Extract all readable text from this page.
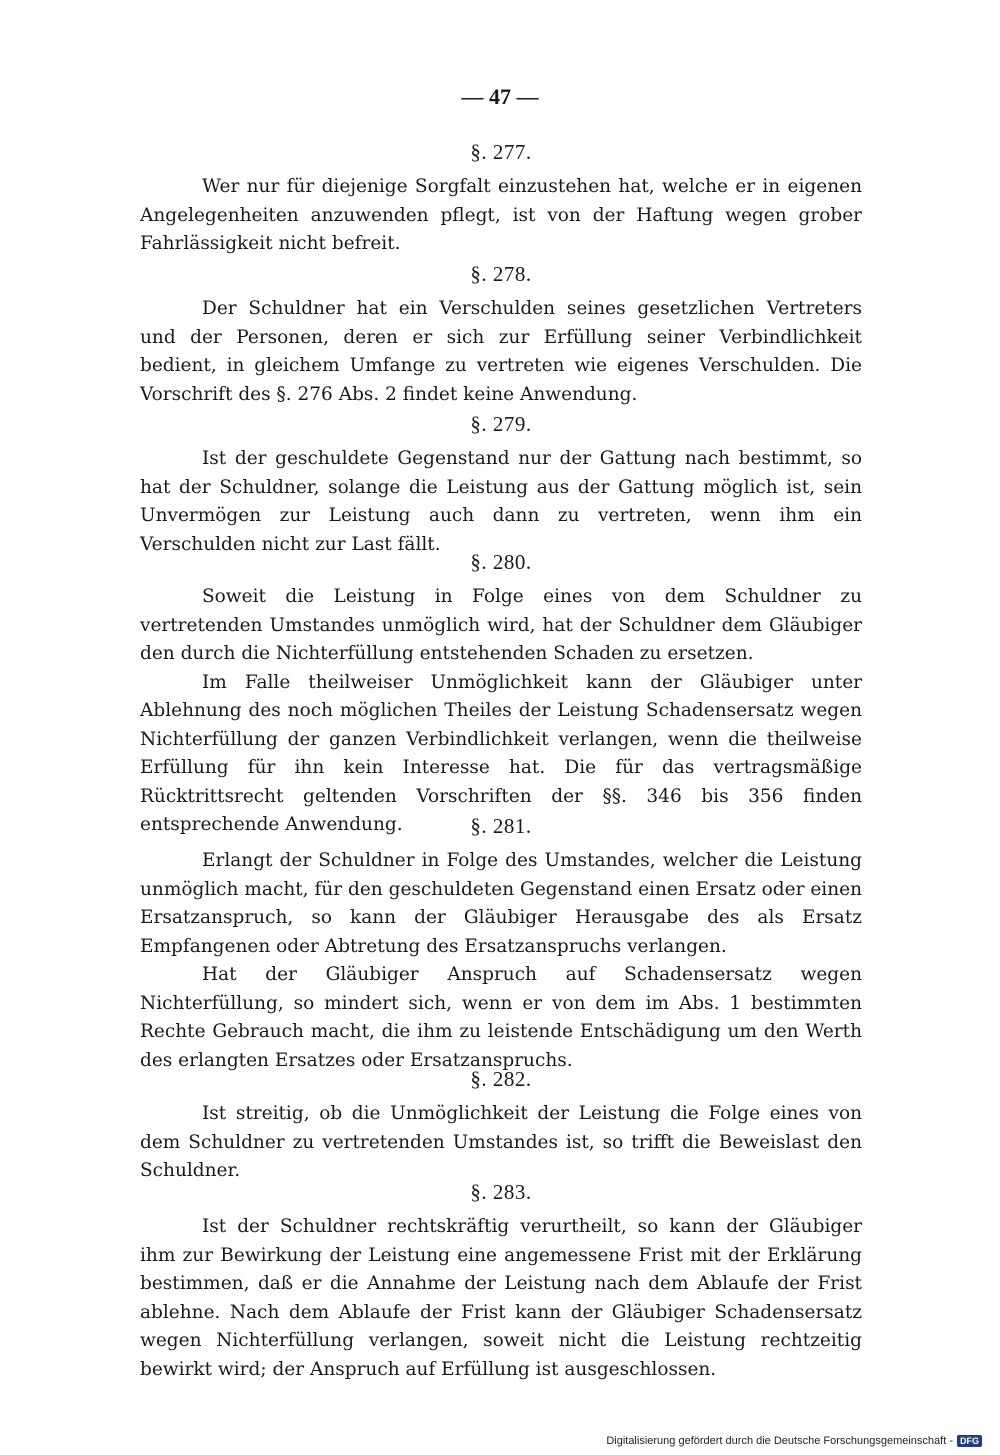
— 47 —
§. 277.

Wer nur für diejenige Sorgfalt einzustehen hat, welche er in eigenen Angelegenheiten anzuwenden pflegt, ist von der Haftung wegen grober Fahrlässigkeit nicht befreit.

§. 278.

Der Schuldner hat ein Verschulden seines gesetzlichen Vertreters und der Personen, deren er sich zur Erfüllung seiner Verbindlichkeit bedient, in gleichem Umfange zu vertreten wie eigenes Verschulden. Die Vorschrift des §. 276 Abs. 2 findet keine Anwendung.

§. 279.

Ist der geschuldete Gegenstand nur der Gattung nach bestimmt, so hat der Schuldner, solange die Leistung aus der Gattung möglich ist, sein Unvermögen zur Leistung auch dann zu vertreten, wenn ihm ein Verschulden nicht zur Last fällt.

§. 280.

Soweit die Leistung in Folge eines von dem Schuldner zu vertretenden Umstandes unmöglich wird, hat der Schuldner dem Gläubiger den durch die Nichterfüllung entstehenden Schaden zu ersetzen.

Im Falle theilweiser Unmöglichkeit kann der Gläubiger unter Ablehnung des noch möglichen Theiles der Leistung Schadensersatz wegen Nichterfüllung der ganzen Verbindlichkeit verlangen, wenn die theilweise Erfüllung für ihn kein Interesse hat. Die für das vertragsmäßige Rücktrittsrecht geltenden Vorschriften der §§. 346 bis 356 finden entsprechende Anwendung.	§. 281.

Erlangt der Schuldner in Folge des Umstandes, welcher die Leistung unmöglich macht, für den geschuldeten Gegenstand einen Ersatz oder einen Ersatzanspruch, so kann der Gläubiger Herausgabe des als Ersatz Empfangenen oder Abtretung des Ersatzanspruchs verlangen.

Hat der Gläubiger Anspruch auf Schadensersatz wegen Nichterfüllung, so mindert sich, wenn er von dem im Abs. 1 bestimmten Rechte Gebrauch macht, die ihm zu leistende Entschädigung um den Werth des erlangten Ersatzes oder Ersatzanspruchs.

§. 282.

Ist streitig, ob die Unmöglichkeit der Leistung die Folge eines von dem Schuldner zu vertretenden Umstandes ist, so trifft die Beweislast den Schuldner.

§. 283.

Ist der Schuldner rechtskräftig verurtheilt, so kann der Gläubiger ihm zur Bewirkung der Leistung eine angemessene Frist mit der Erklärung bestimmen, daß er die Annahme der Leistung nach dem Ablaufe der Frist ablehne. Nach dem Ablaufe der Frist kann der Gläubiger Schadensersatz wegen Nichterfüllung verlangen, soweit nicht die Leistung rechtzeitig bewirkt wird; der Anspruch auf Erfüllung ist ausgeschlossen.

Digitalisierung gefördert durch die Deutsche Forschungsgemeinschaft - DFG
